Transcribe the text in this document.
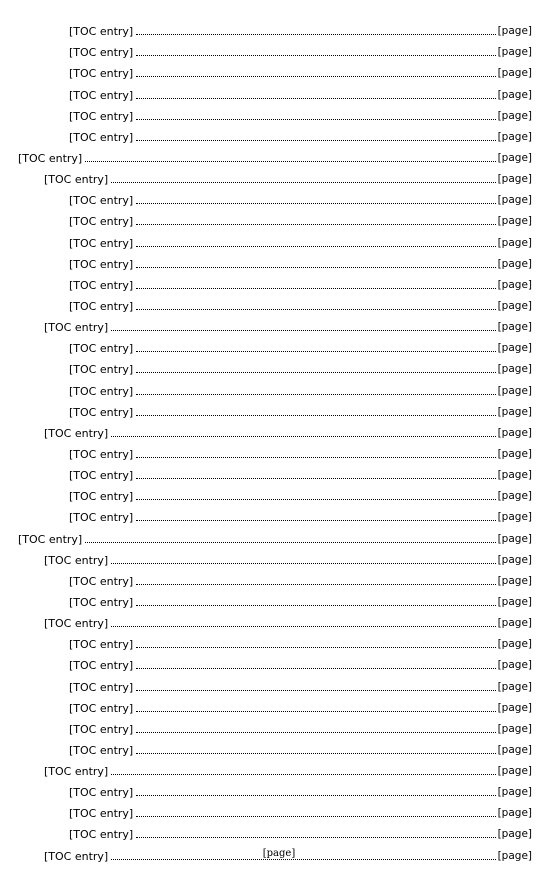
[TOC entry]	[page]
[TOC entry]	[page]
[TOC entry]	[page]
[TOC entry]	[page]
[TOC entry]	[page]
[TOC entry]	[page]
[TOC entry]	[page]
[TOC entry]	[page]
[TOC entry]	[page]
[TOC entry]	[page]
[TOC entry]	[page]
[TOC entry]	[page]
[TOC entry]	[page]
[TOC entry]	[page]
[TOC entry]	[page]
[TOC entry]	[page]
[TOC entry]	[page]
[TOC entry]	[page]
[TOC entry]	[page]
[TOC entry]	[page]
[TOC entry]	[page]
[TOC entry]	[page]
[TOC entry]	[page]
[TOC entry]	[page]
[TOC entry]	[page]
[TOC entry]	[page]
[TOC entry]	[page]
[TOC entry]	[page]
[TOC entry]	[page]
[TOC entry]	[page]
[TOC entry]	[page]
[TOC entry]	[page]
[TOC entry]	[page]
[TOC entry]	[page]
[TOC entry]	[page]
[TOC entry]	[page]
[TOC entry]	[page]
[TOC entry]	[page]
[TOC entry]	[page]
[TOC entry]	[page]
[page]
